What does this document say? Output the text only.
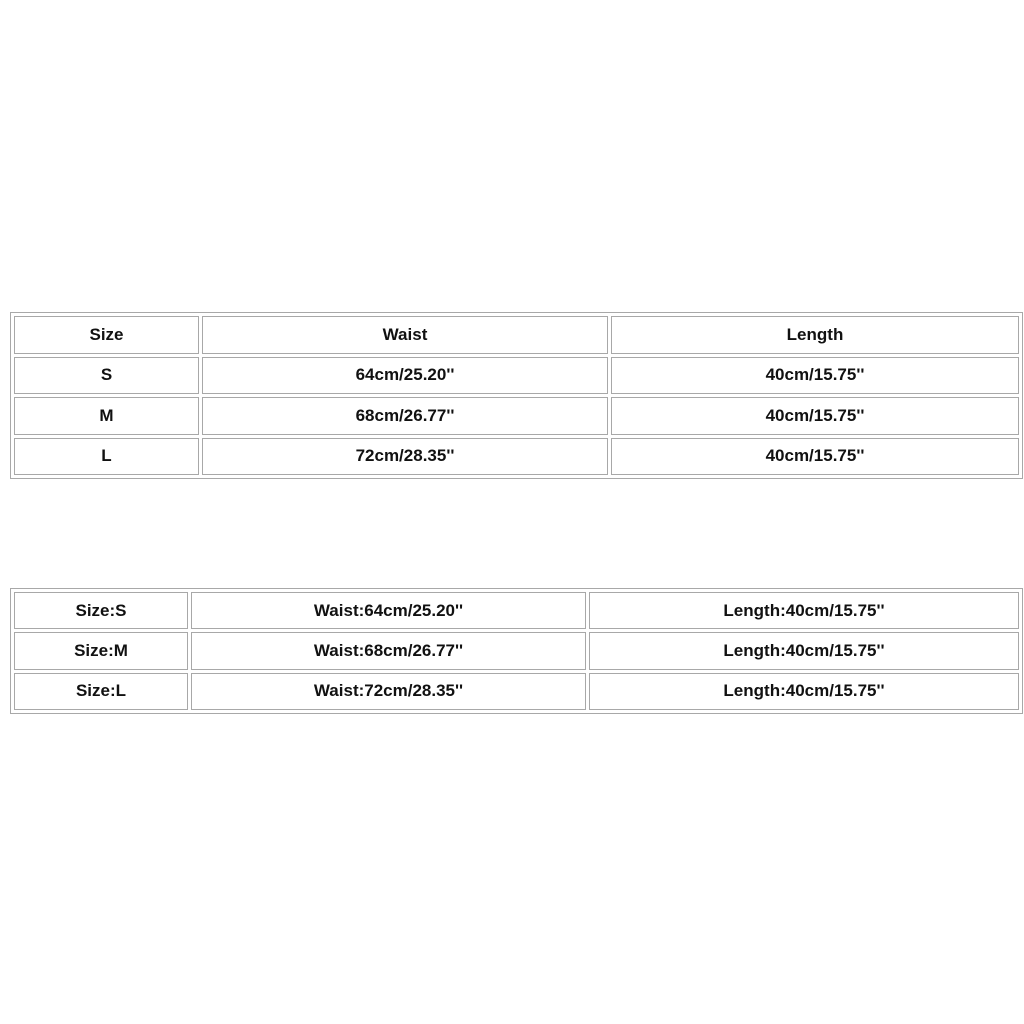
Size	Waist	Length
S	64cm/25.20''	40cm/15.75''
M	68cm/26.77''	40cm/15.75''
L	72cm/28.35''	40cm/15.75''
Size:S	Waist:64cm/25.20''	Length:40cm/15.75''
Size:M	Waist:68cm/26.77''	Length:40cm/15.75''
Size:L	Waist:72cm/28.35''	Length:40cm/15.75''
